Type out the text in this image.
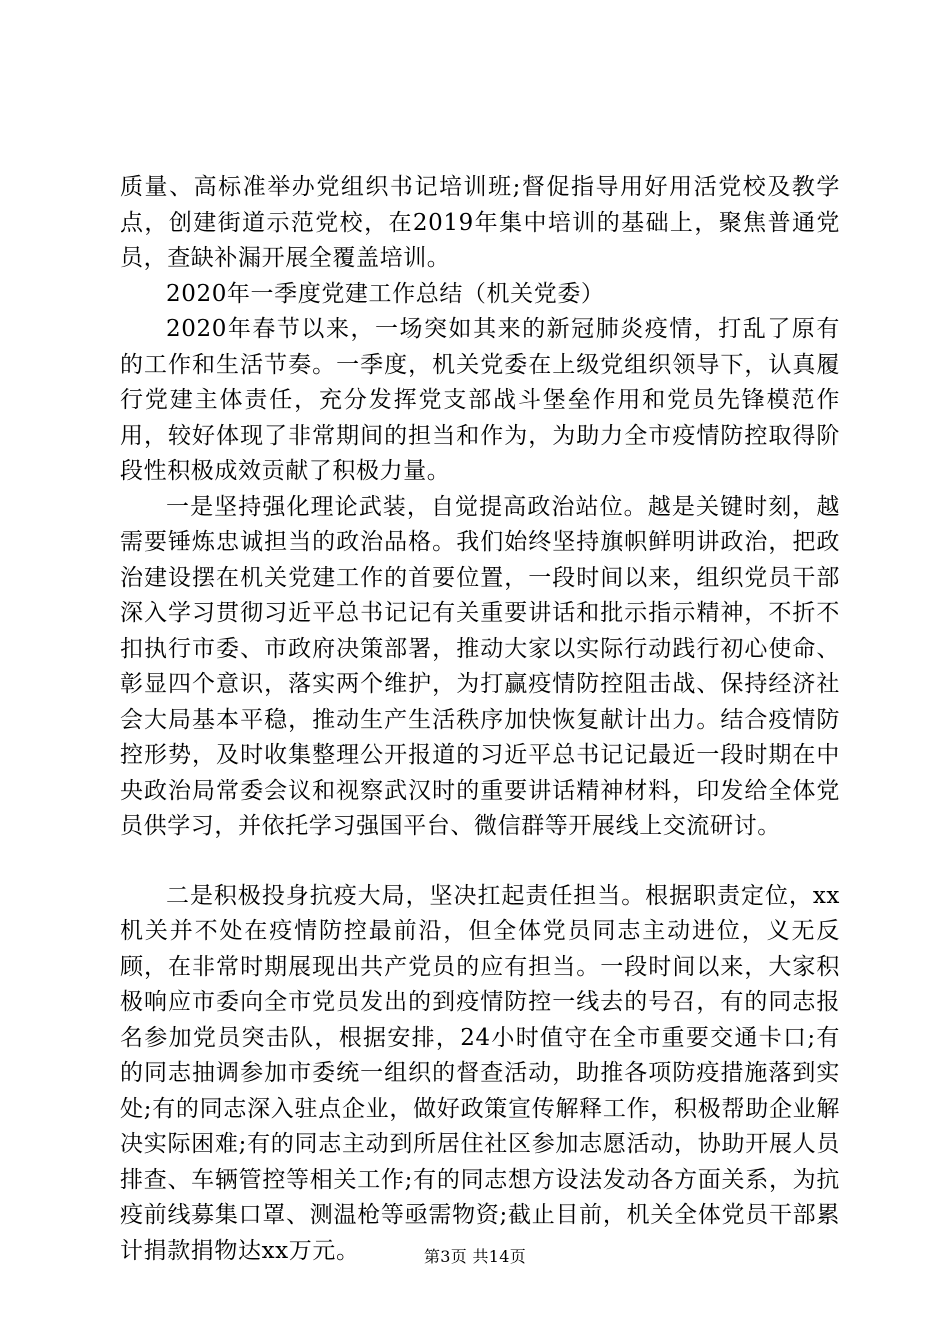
质量、高标准举办党组织书记培训班;督促指导用好用活党校及教学点，创建街道示范党校，在2019年集中培训的基础上，聚焦普通党员，查缺补漏开展全覆盖培训。

2020年一季度党建工作总结（机关党委）

2020年春节以来，一场突如其来的新冠肺炎疫情，打乱了原有的工作和生活节奏。一季度，机关党委在上级党组织领导下，认真履行党建主体责任，充分发挥党支部战斗堡垒作用和党员先锋模范作用，较好体现了非常期间的担当和作为，为助力全市疫情防控取得阶段性积极成效贡献了积极力量。

一是坚持强化理论武装，自觉提高政治站位。越是关键时刻，越需要锤炼忠诚担当的政治品格。我们始终坚持旗帜鲜明讲政治，把政治建设摆在机关党建工作的首要位置，一段时间以来，组织党员干部深入学习贯彻习近平总书记记有关重要讲话和批示指示精神，不折不扣执行市委、市政府决策部署，推动大家以实际行动践行初心使命、彰显四个意识，落实两个维护，为打赢疫情防控阻击战、保持经济社会大局基本平稳，推动生产生活秩序加快恢复献计出力。结合疫情防控形势，及时收集整理公开报道的习近平总书记记最近一段时期在中央政治局常委会议和视察武汉时的重要讲话精神材料，印发给全体党员供学习，并依托学习强国平台、微信群等开展线上交流研讨。

二是积极投身抗疫大局，坚决扛起责任担当。根据职责定位，xx机关并不处在疫情防控最前沿，但全体党员同志主动进位，义无反顾，在非常时期展现出共产党员的应有担当。一段时间以来，大家积极响应市委向全市党员发出的到疫情防控一线去的号召，有的同志报名参加党员突击队，根据安排，24小时值守在全市重要交通卡口;有的同志抽调参加市委统一组织的督查活动，助推各项防疫措施落到实处;有的同志深入驻点企业，做好政策宣传解释工作，积极帮助企业解决实际困难;有的同志主动到所居住社区参加志愿活动，协助开展人员排查、车辆管控等相关工作;有的同志想方设法发动各方面关系，为抗疫前线募集口罩、测温枪等亟需物资;截止目前，机关全体党员干部累计捐款捐物达xx万元。	第3页 共14页
